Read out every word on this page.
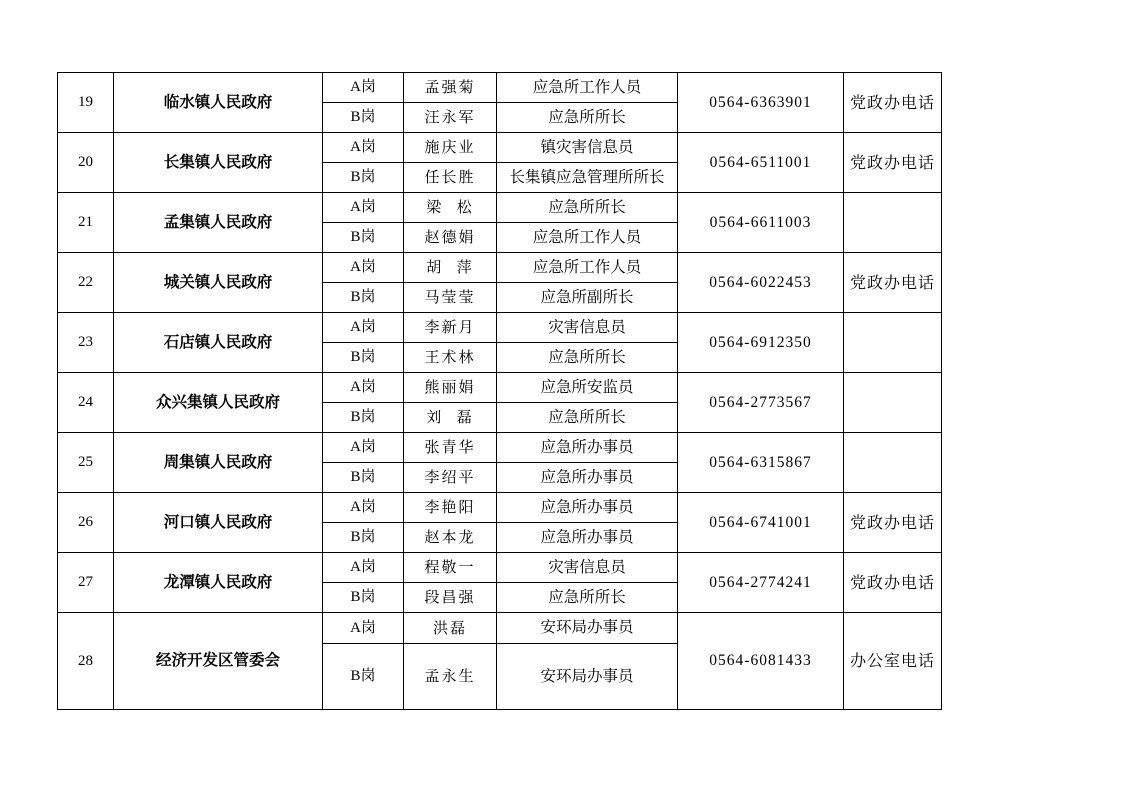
19	临水镇人民政府	A岗	孟强菊	应急所工作人员	0564-6363901	党政办电话
		B岗	汪永军	应急所所长		
20	长集镇人民政府	A岗	施庆业	镇灾害信息员	0564-6511001	党政办电话
		B岗	任长胜	长集镇应急管理所所长		
21	孟集镇人民政府	A岗	梁  松	应急所所长	0564-6611003	
		B岗	赵德娟	应急所工作人员		
22	城关镇人民政府	A岗	胡  萍	应急所工作人员	0564-6022453	党政办电话
		B岗	马莹莹	应急所副所长		
23	石店镇人民政府	A岗	李新月	灾害信息员	0564-6912350	
		B岗	王术林	应急所所长		
24	众兴集镇人民政府	A岗	熊丽娟	应急所安监员	0564-2773567	
		B岗	刘  磊	应急所所长		
25	周集镇人民政府	A岗	张青华	应急所办事员	0564-6315867	
		B岗	李绍平	应急所办事员		
26	河口镇人民政府	A岗	李艳阳	应急所办事员	0564-6741001	党政办电话
		B岗	赵本龙	应急所办事员		
27	龙潭镇人民政府	A岗	程敬一	灾害信息员	0564-2774241	党政办电话
		B岗	段昌强	应急所所长		
28	经济开发区管委会	A岗	洪磊	安环局办事员	0564-6081433	办公室电话
		B岗	孟永生	安环局办事员		
